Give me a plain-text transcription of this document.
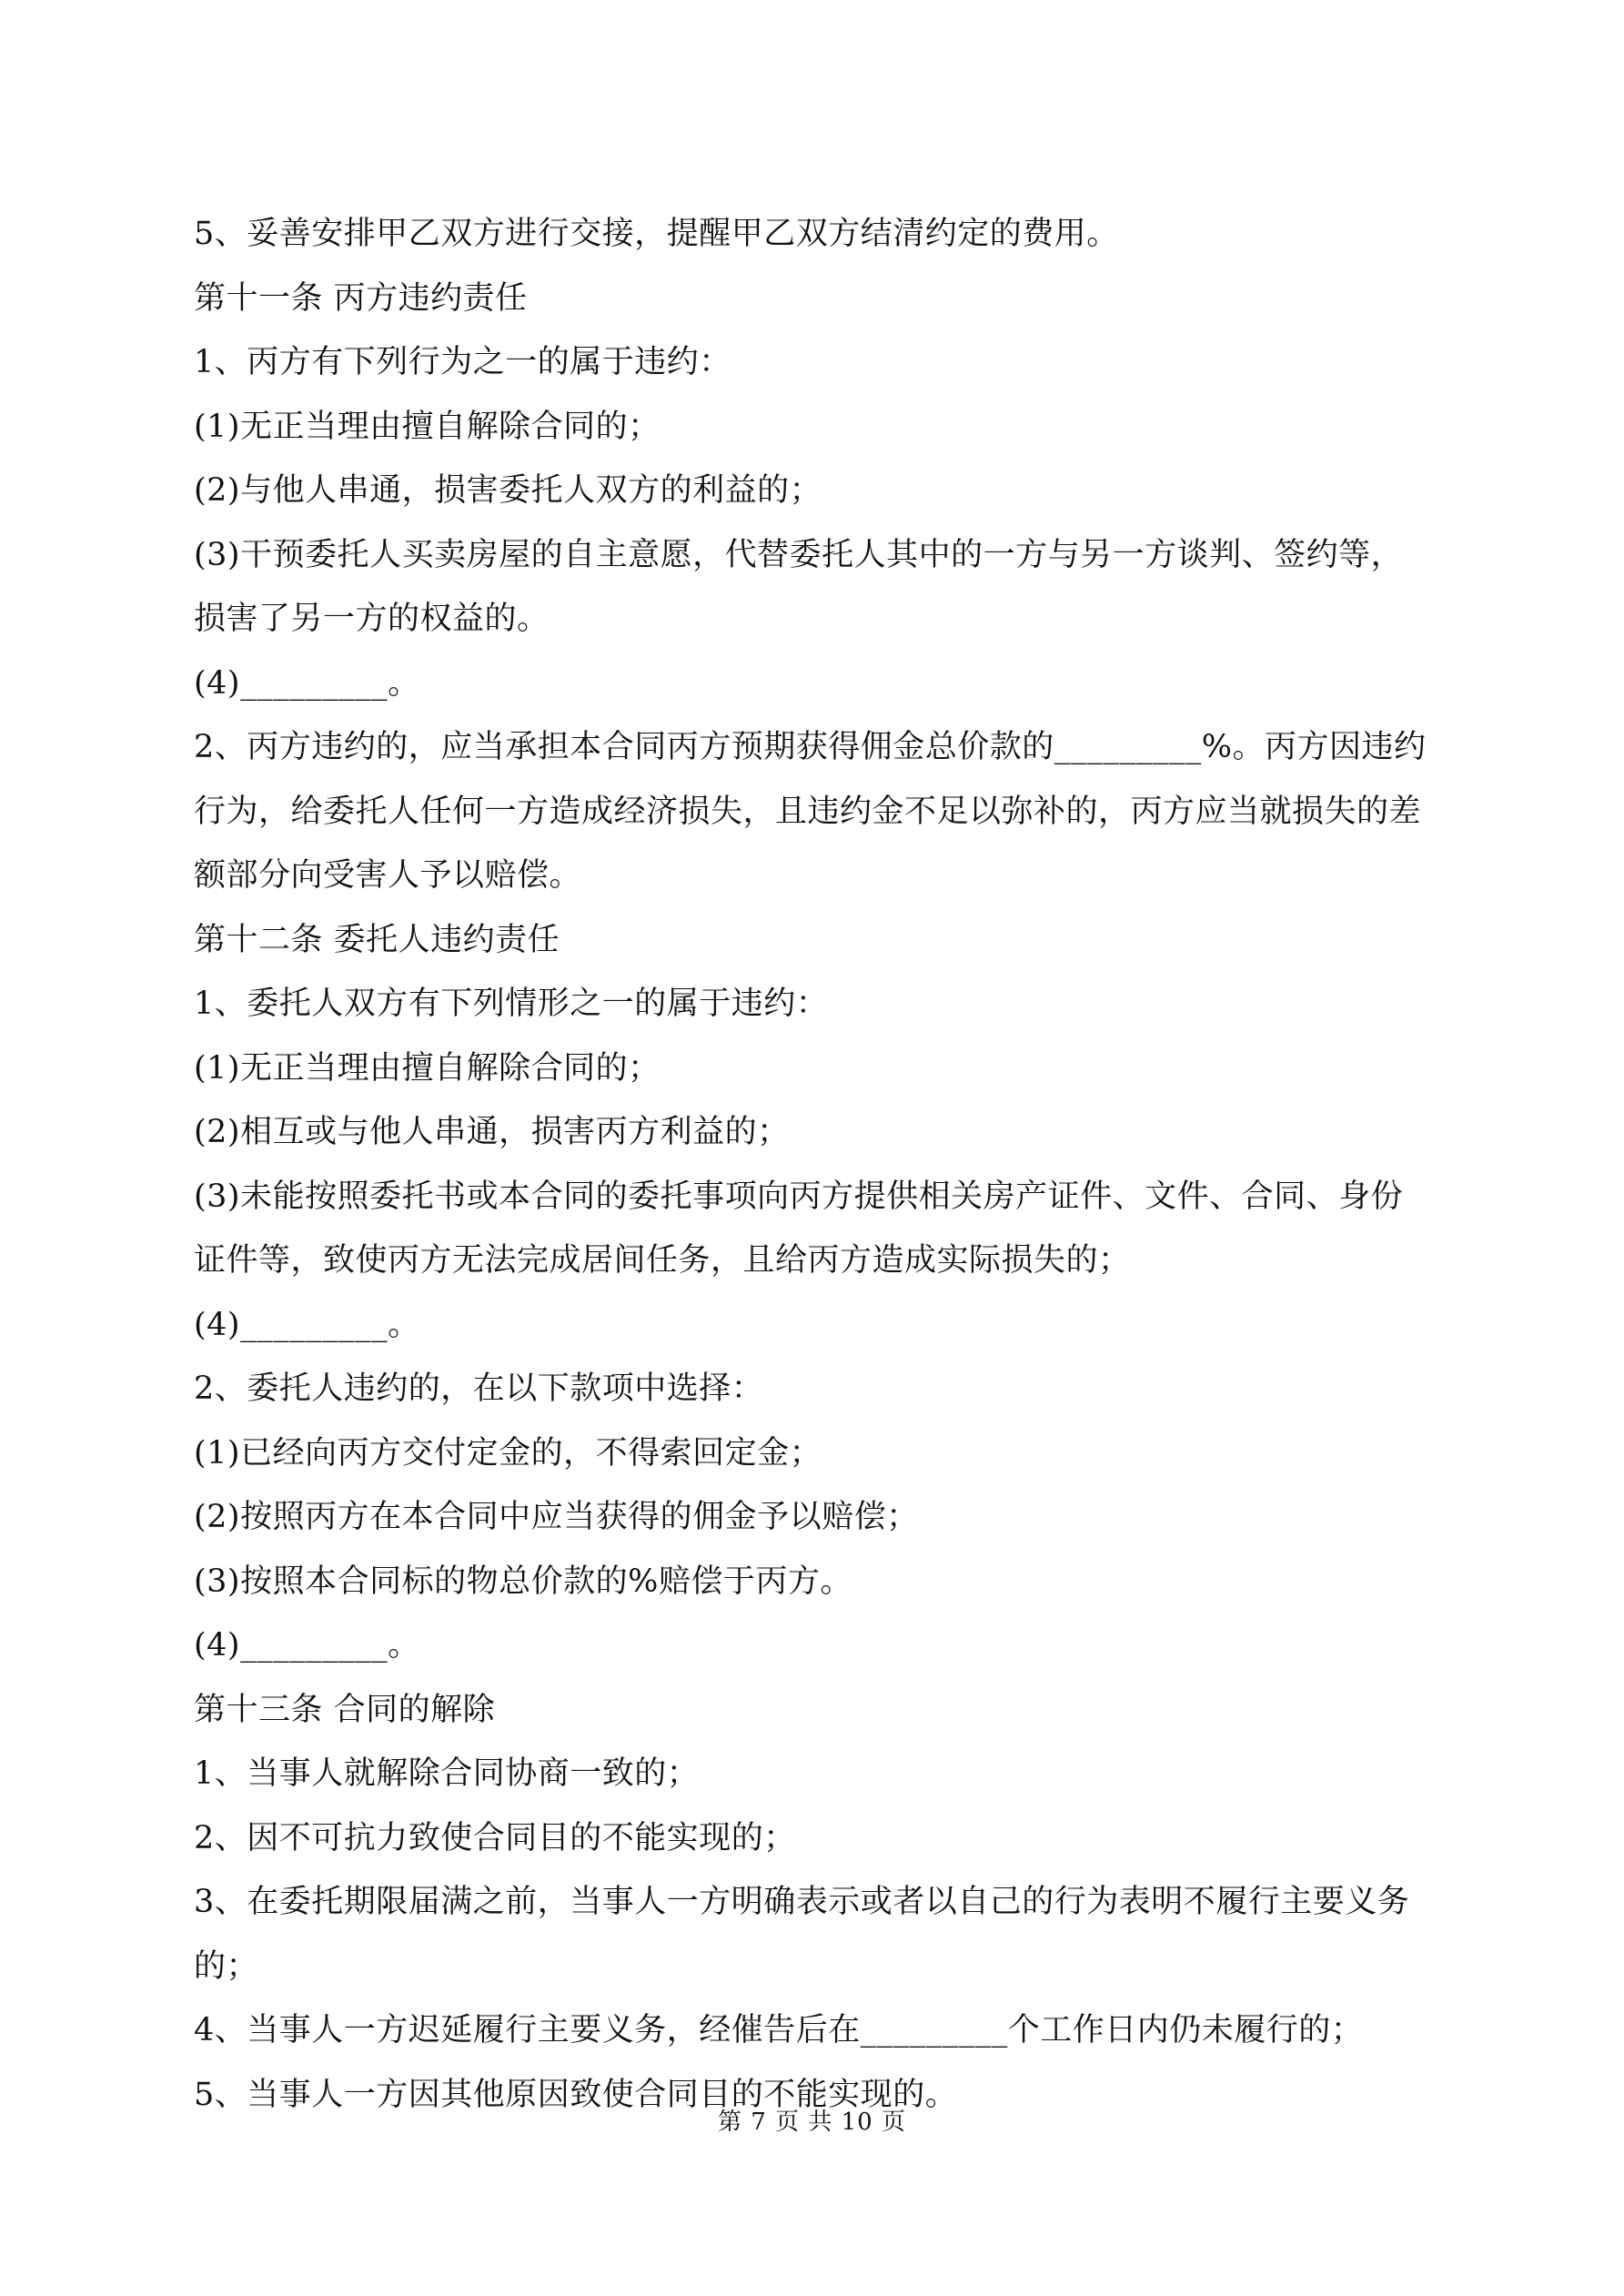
5、妥善安排甲乙双方进行交接，提醒甲乙双方结清约定的费用。
第十一条 丙方违约责任
1、丙方有下列行为之一的属于违约：
(1)无正当理由擅自解除合同的；
(2)与他人串通，损害委托人双方的利益的；
(3)干预委托人买卖房屋的自主意愿，代替委托人其中的一方与另一方谈判、签约等，
损害了另一方的权益的。
(4)_________。
2、丙方违约的，应当承担本合同丙方预期获得佣金总价款的_________%。丙方因违约
行为，给委托人任何一方造成经济损失，且违约金不足以弥补的，丙方应当就损失的差
额部分向受害人予以赔偿。
第十二条 委托人违约责任
1、委托人双方有下列情形之一的属于违约：
(1)无正当理由擅自解除合同的；
(2)相互或与他人串通，损害丙方利益的；
(3)未能按照委托书或本合同的委托事项向丙方提供相关房产证件、文件、合同、身份
证件等，致使丙方无法完成居间任务，且给丙方造成实际损失的；
(4)_________。
2、委托人违约的，在以下款项中选择：
(1)已经向丙方交付定金的，不得索回定金；
(2)按照丙方在本合同中应当获得的佣金予以赔偿；
(3)按照本合同标的物总价款的%赔偿于丙方。
(4)_________。
第十三条 合同的解除
1、当事人就解除合同协商一致的；
2、因不可抗力致使合同目的不能实现的；
3、在委托期限届满之前，当事人一方明确表示或者以自己的行为表明不履行主要义务
的；
4、当事人一方迟延履行主要义务，经催告后在_________个工作日内仍未履行的；
5、当事人一方因其他原因致使合同目的不能实现的。
第 7 页 共 10 页
